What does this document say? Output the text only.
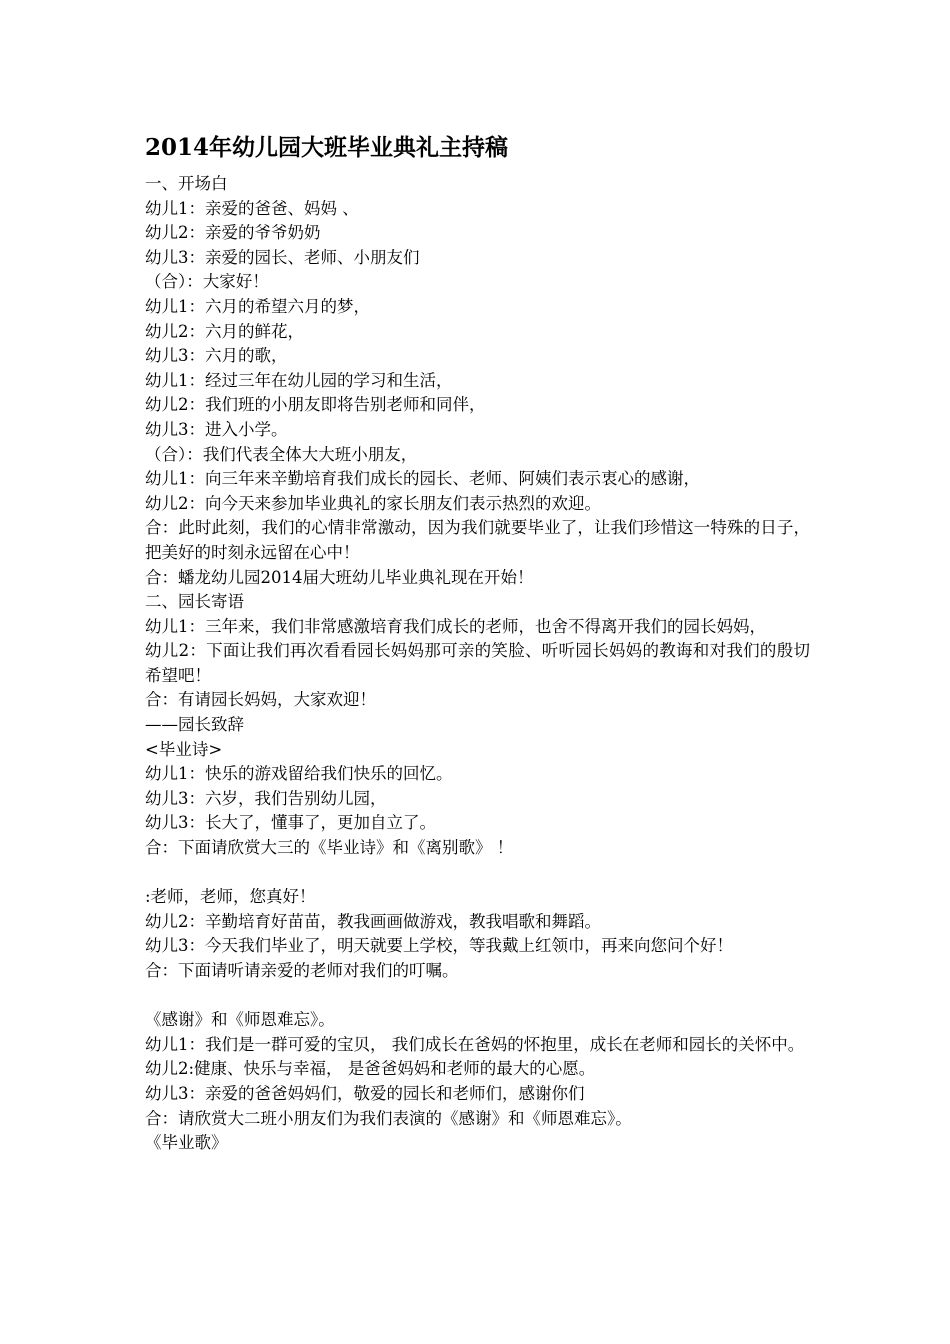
2014年幼儿园大班毕业典礼主持稿
一、开场白
幼儿1：亲爱的爸爸、妈妈 、
幼儿2：亲爱的爷爷奶奶
幼儿3：亲爱的园长、老师、小朋友们
（合）：大家好！
幼儿1：六月的希望六月的梦，
幼儿2：六月的鲜花，
幼儿3：六月的歌，
幼儿1：经过三年在幼儿园的学习和生活，
幼儿2：我们班的小朋友即将告别老师和同伴，
幼儿3：进入小学。
（合）：我们代表全体大大班小朋友，
幼儿1：向三年来辛勤培育我们成长的园长、老师、阿姨们表示衷心的感谢，
幼儿2：向今天来参加毕业典礼的家长朋友们表示热烈的欢迎。
合：此时此刻，我们的心情非常激动，因为我们就要毕业了，让我们珍惜这一特殊的日子，把美好的时刻永远留在心中！
合：蟠龙幼儿园2014届大班幼儿毕业典礼现在开始！
二、园长寄语
幼儿1：三年来，我们非常感激培育我们成长的老师，也舍不得离开我们的园长妈妈，
幼儿2：下面让我们再次看看园长妈妈那可亲的笑脸、听听园长妈妈的教诲和对我们的殷切希望吧！
合：有请园长妈妈，大家欢迎！
——园长致辞
<毕业诗>
幼儿1：快乐的游戏留给我们快乐的回忆。
幼儿3：六岁，我们告别幼儿园，
幼儿3：长大了，懂事了，更加自立了。
合：下面请欣赏大三的《毕业诗》和《离别歌》 ！
:老师，老师，您真好！
幼儿2：辛勤培育好苗苗，教我画画做游戏，教我唱歌和舞蹈。
幼儿3：今天我们毕业了，明天就要上学校，等我戴上红领巾，再来向您问个好！
合：下面请听请亲爱的老师对我们的叮嘱。
《感谢》和《师恩难忘》。
幼儿1：我们是一群可爱的宝贝， 我们成长在爸妈的怀抱里，成长在老师和园长的关怀中。
幼儿2:健康、快乐与幸福， 是爸爸妈妈和老师的最大的心愿。
幼儿3：亲爱的爸爸妈妈们，敬爱的园长和老师们，感谢你们
合：请欣赏大二班小朋友们为我们表演的《感谢》和《师恩难忘》。
《毕业歌》
